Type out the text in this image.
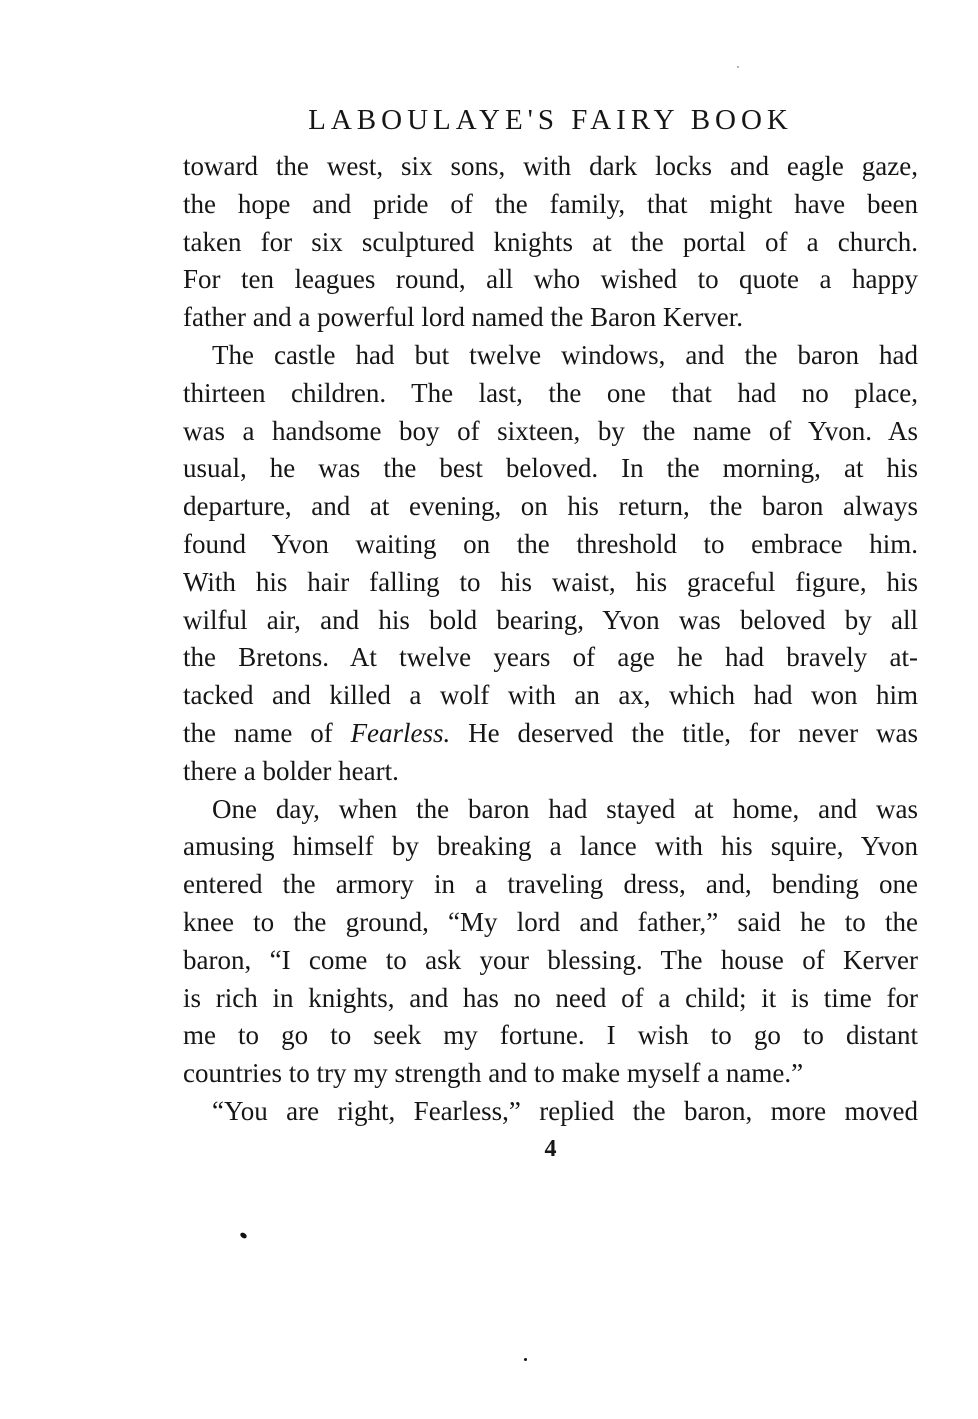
LABOULAYE'S FAIRY BOOK
toward the west, six sons, with dark locks and eagle gaze,
the hope and pride of the family, that might have been
taken for six sculptured knights at the portal of a church.
For ten leagues round, all who wished to quote a happy
father and a powerful lord named the Baron Kerver.
The castle had but twelve windows, and the baron had
thirteen children. The last, the one that had no place,
was a handsome boy of sixteen, by the name of Yvon. As
usual, he was the best beloved. In the morning, at his
departure, and at evening, on his return, the baron always
found Yvon waiting on the threshold to embrace him.
With his hair falling to his waist, his graceful figure, his
wilful air, and his bold bearing, Yvon was beloved by all
the Bretons. At twelve years of age he had bravely at-
tacked and killed a wolf with an ax, which had won him
the name of Fearless. He deserved the title, for never was
there a bolder heart.
One day, when the baron had stayed at home, and was
amusing himself by breaking a lance with his squire, Yvon
entered the armory in a traveling dress, and, bending one
knee to the ground, “My lord and father,” said he to the
baron, “I come to ask your blessing. The house of Kerver
is rich in knights, and has no need of a child; it is time for
me to go to seek my fortune. I wish to go to distant
countries to try my strength and to make myself a name.”
“You are right, Fearless,” replied the baron, more moved
4
